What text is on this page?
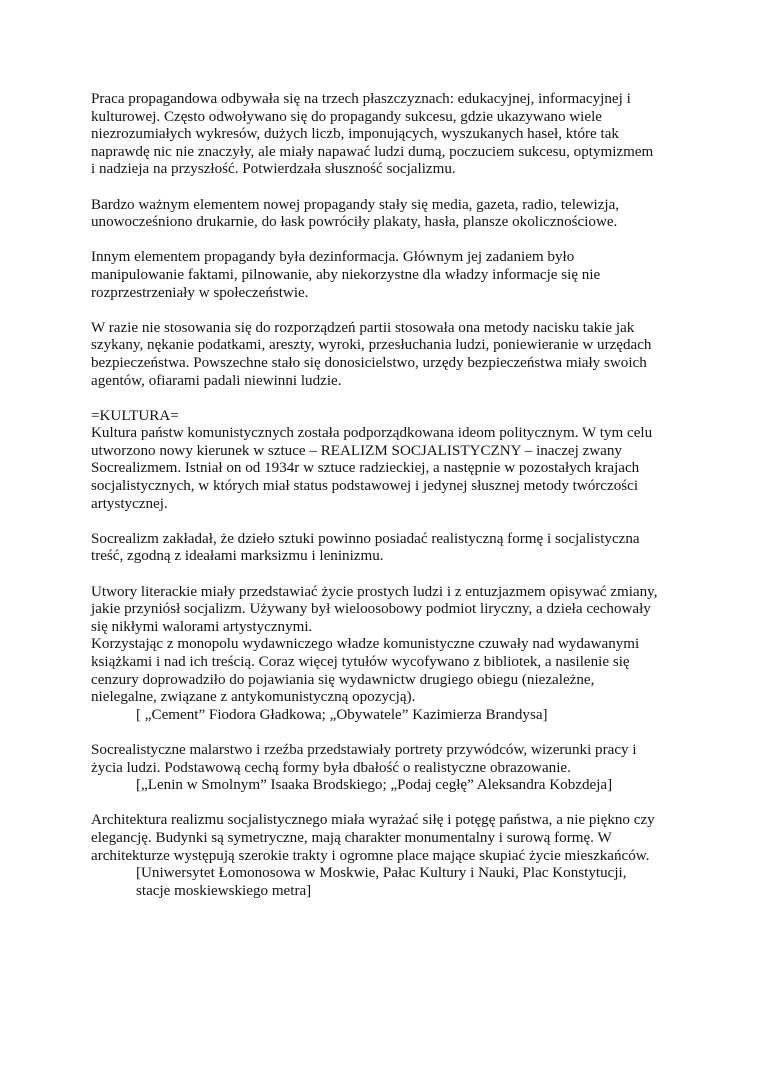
Praca propagandowa odbywała się na trzech płaszczyznach: edukacyjnej, informacyjnej i
kulturowej. Często odwoływano się do propagandy sukcesu, gdzie ukazywano wiele
niezrozumiałych wykresów, dużych liczb, imponujących, wyszukanych haseł, które tak
naprawdę nic nie znaczyły, ale miały napawać ludzi dumą, poczuciem sukcesu, optymizmem
i nadzieja na przyszłość. Potwierdzała słuszność socjalizmu.
Bardzo ważnym elementem nowej propagandy stały się media, gazeta, radio, telewizja,
unowocześniono drukarnie, do łask powróciły plakaty, hasła, plansze okolicznościowe.
Innym elementem propagandy była dezinformacja. Głównym jej zadaniem było
manipulowanie faktami, pilnowanie, aby niekorzystne dla władzy informacje się nie
rozprzestrzeniały w społeczeństwie.
W razie nie stosowania się do rozporządzeń partii stosowała ona metody nacisku takie jak
szykany, nękanie podatkami, areszty, wyroki, przesłuchania ludzi, poniewieranie w urzędach
bezpieczeństwa. Powszechne stało się donosicielstwo, urzędy bezpieczeństwa miały swoich
agentów, ofiarami padali niewinni ludzie.
=KULTURA=
Kultura państw komunistycznych została podporządkowana ideom politycznym. W tym celu
utworzono nowy kierunek w sztuce – REALIZM SOCJALISTYCZNY – inaczej zwany
Socrealizmem. Istniał on od 1934r w sztuce radzieckiej, a następnie w pozostałych krajach
socjalistycznych, w których miał status podstawowej i jedynej słusznej metody twórczości
artystycznej.
Socrealizm zakładał, że dzieło sztuki powinno posiadać realistyczną formę i socjalistyczna
treść, zgodną z ideałami marksizmu i leninizmu.
Utwory literackie miały przedstawiać życie prostych ludzi i z entuzjazmem opisywać zmiany,
jakie przyniósł socjalizm. Używany był wieloosobowy podmiot liryczny, a dzieła cechowały
się nikłymi walorami artystycznymi.
Korzystając z monopolu wydawniczego władze komunistyczne czuwały nad wydawanymi
książkami i nad ich treścią. Coraz więcej tytułów wycofywano z bibliotek, a nasilenie się
cenzury doprowadziło do pojawiania się wydawnictw drugiego obiegu (niezależne,
nielegalne, związane z antykomunistyczną opozycją).
[ „Cement” Fiodora Gładkowa; „Obywatele” Kazimierza Brandysa]
Socrealistyczne malarstwo i rzeźba przedstawiały portrety przywódców, wizerunki pracy i
życia ludzi. Podstawową cechą formy była dbałość o realistyczne obrazowanie.
[„Lenin w Smolnym” Isaaka Brodskiego; „Podaj cegłę” Aleksandra Kobzdeja]
Architektura realizmu socjalistycznego miała wyrażać siłę i potęgę państwa, a nie piękno czy
elegancję. Budynki są symetryczne, mają charakter monumentalny i surową formę. W
architekturze występują szerokie trakty i ogromne place mające skupiać życie mieszkańców.
[Uniwersytet Łomonosowa w Moskwie, Pałac Kultury i Nauki, Plac Konstytucji,
stacje moskiewskiego metra]
